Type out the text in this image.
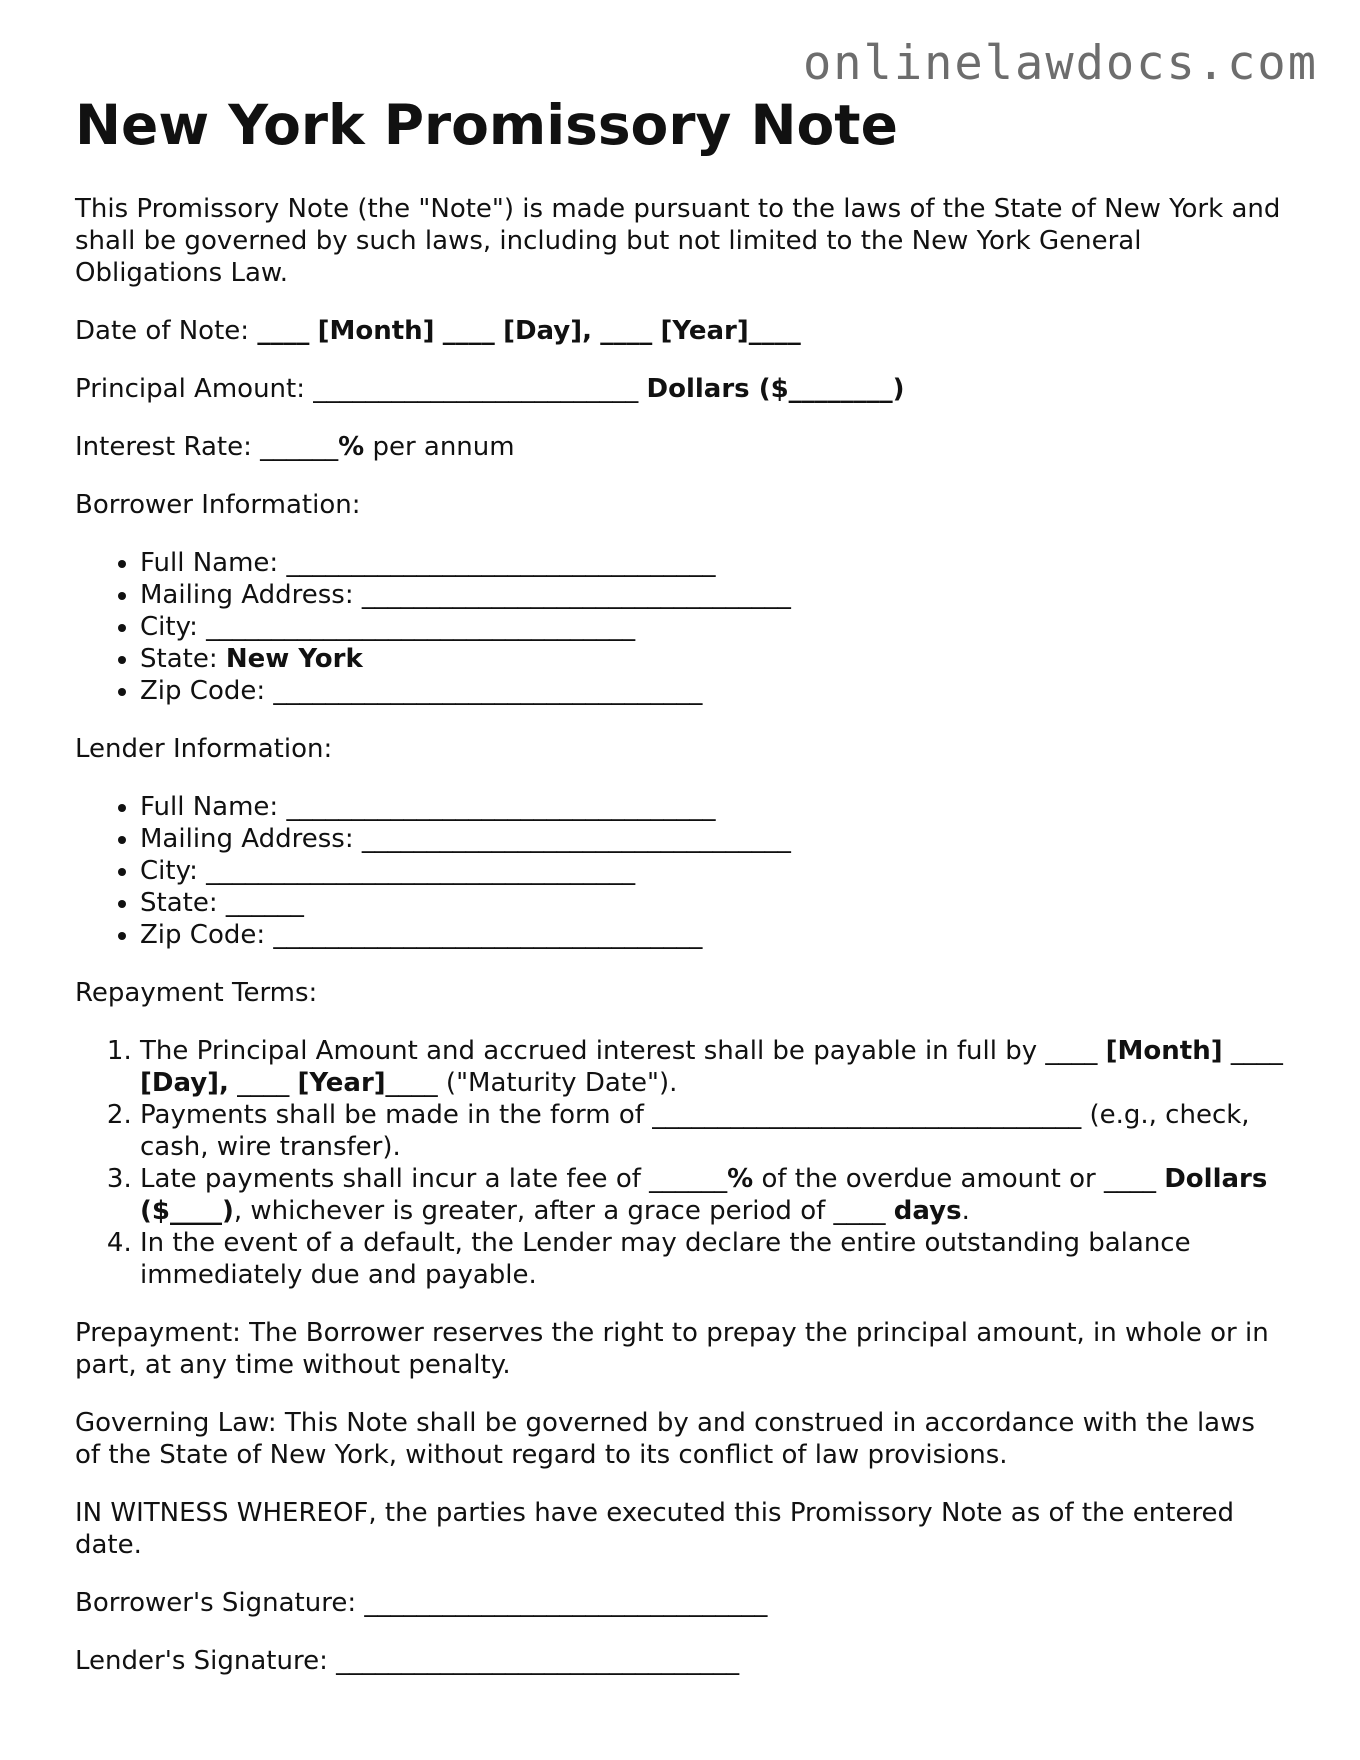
onlinelawdocs.com
New York Promissory Note

This Promissory Note (the "Note") is made pursuant to the laws of the State of New York and shall be governed by such laws, including but not limited to the New York General Obligations Law.

Date of Note: ____ [Month] ____ [Day], ____ [Year]____

Principal Amount: _________________________ Dollars ($________)

Interest Rate: ______% per annum

Borrower Information:

• Full Name: _________________________________
• Mailing Address: _________________________________
• City: _________________________________
• State: New York
• Zip Code: _________________________________

Lender Information:

• Full Name: _________________________________
• Mailing Address: _________________________________
• City: _________________________________
• State: ______
• Zip Code: _________________________________

Repayment Terms:

1. The Principal Amount and accrued interest shall be payable in full by ____ [Month] ____ [Day], ____ [Year]____ ("Maturity Date").
2. Payments shall be made in the form of _________________________________ (e.g., check, cash, wire transfer).
3. Late payments shall incur a late fee of ______% of the overdue amount or ____ Dollars ($____), whichever is greater, after a grace period of ____ days.
4. In the event of a default, the Lender may declare the entire outstanding balance immediately due and payable.

Prepayment: The Borrower reserves the right to prepay the principal amount, in whole or in part, at any time without penalty.

Governing Law: This Note shall be governed by and construed in accordance with the laws of the State of New York, without regard to its conflict of law provisions.

IN WITNESS WHEREOF, the parties have executed this Promissory Note as of the entered date.

Borrower's Signature: _______________________________

Lender's Signature: _______________________________
